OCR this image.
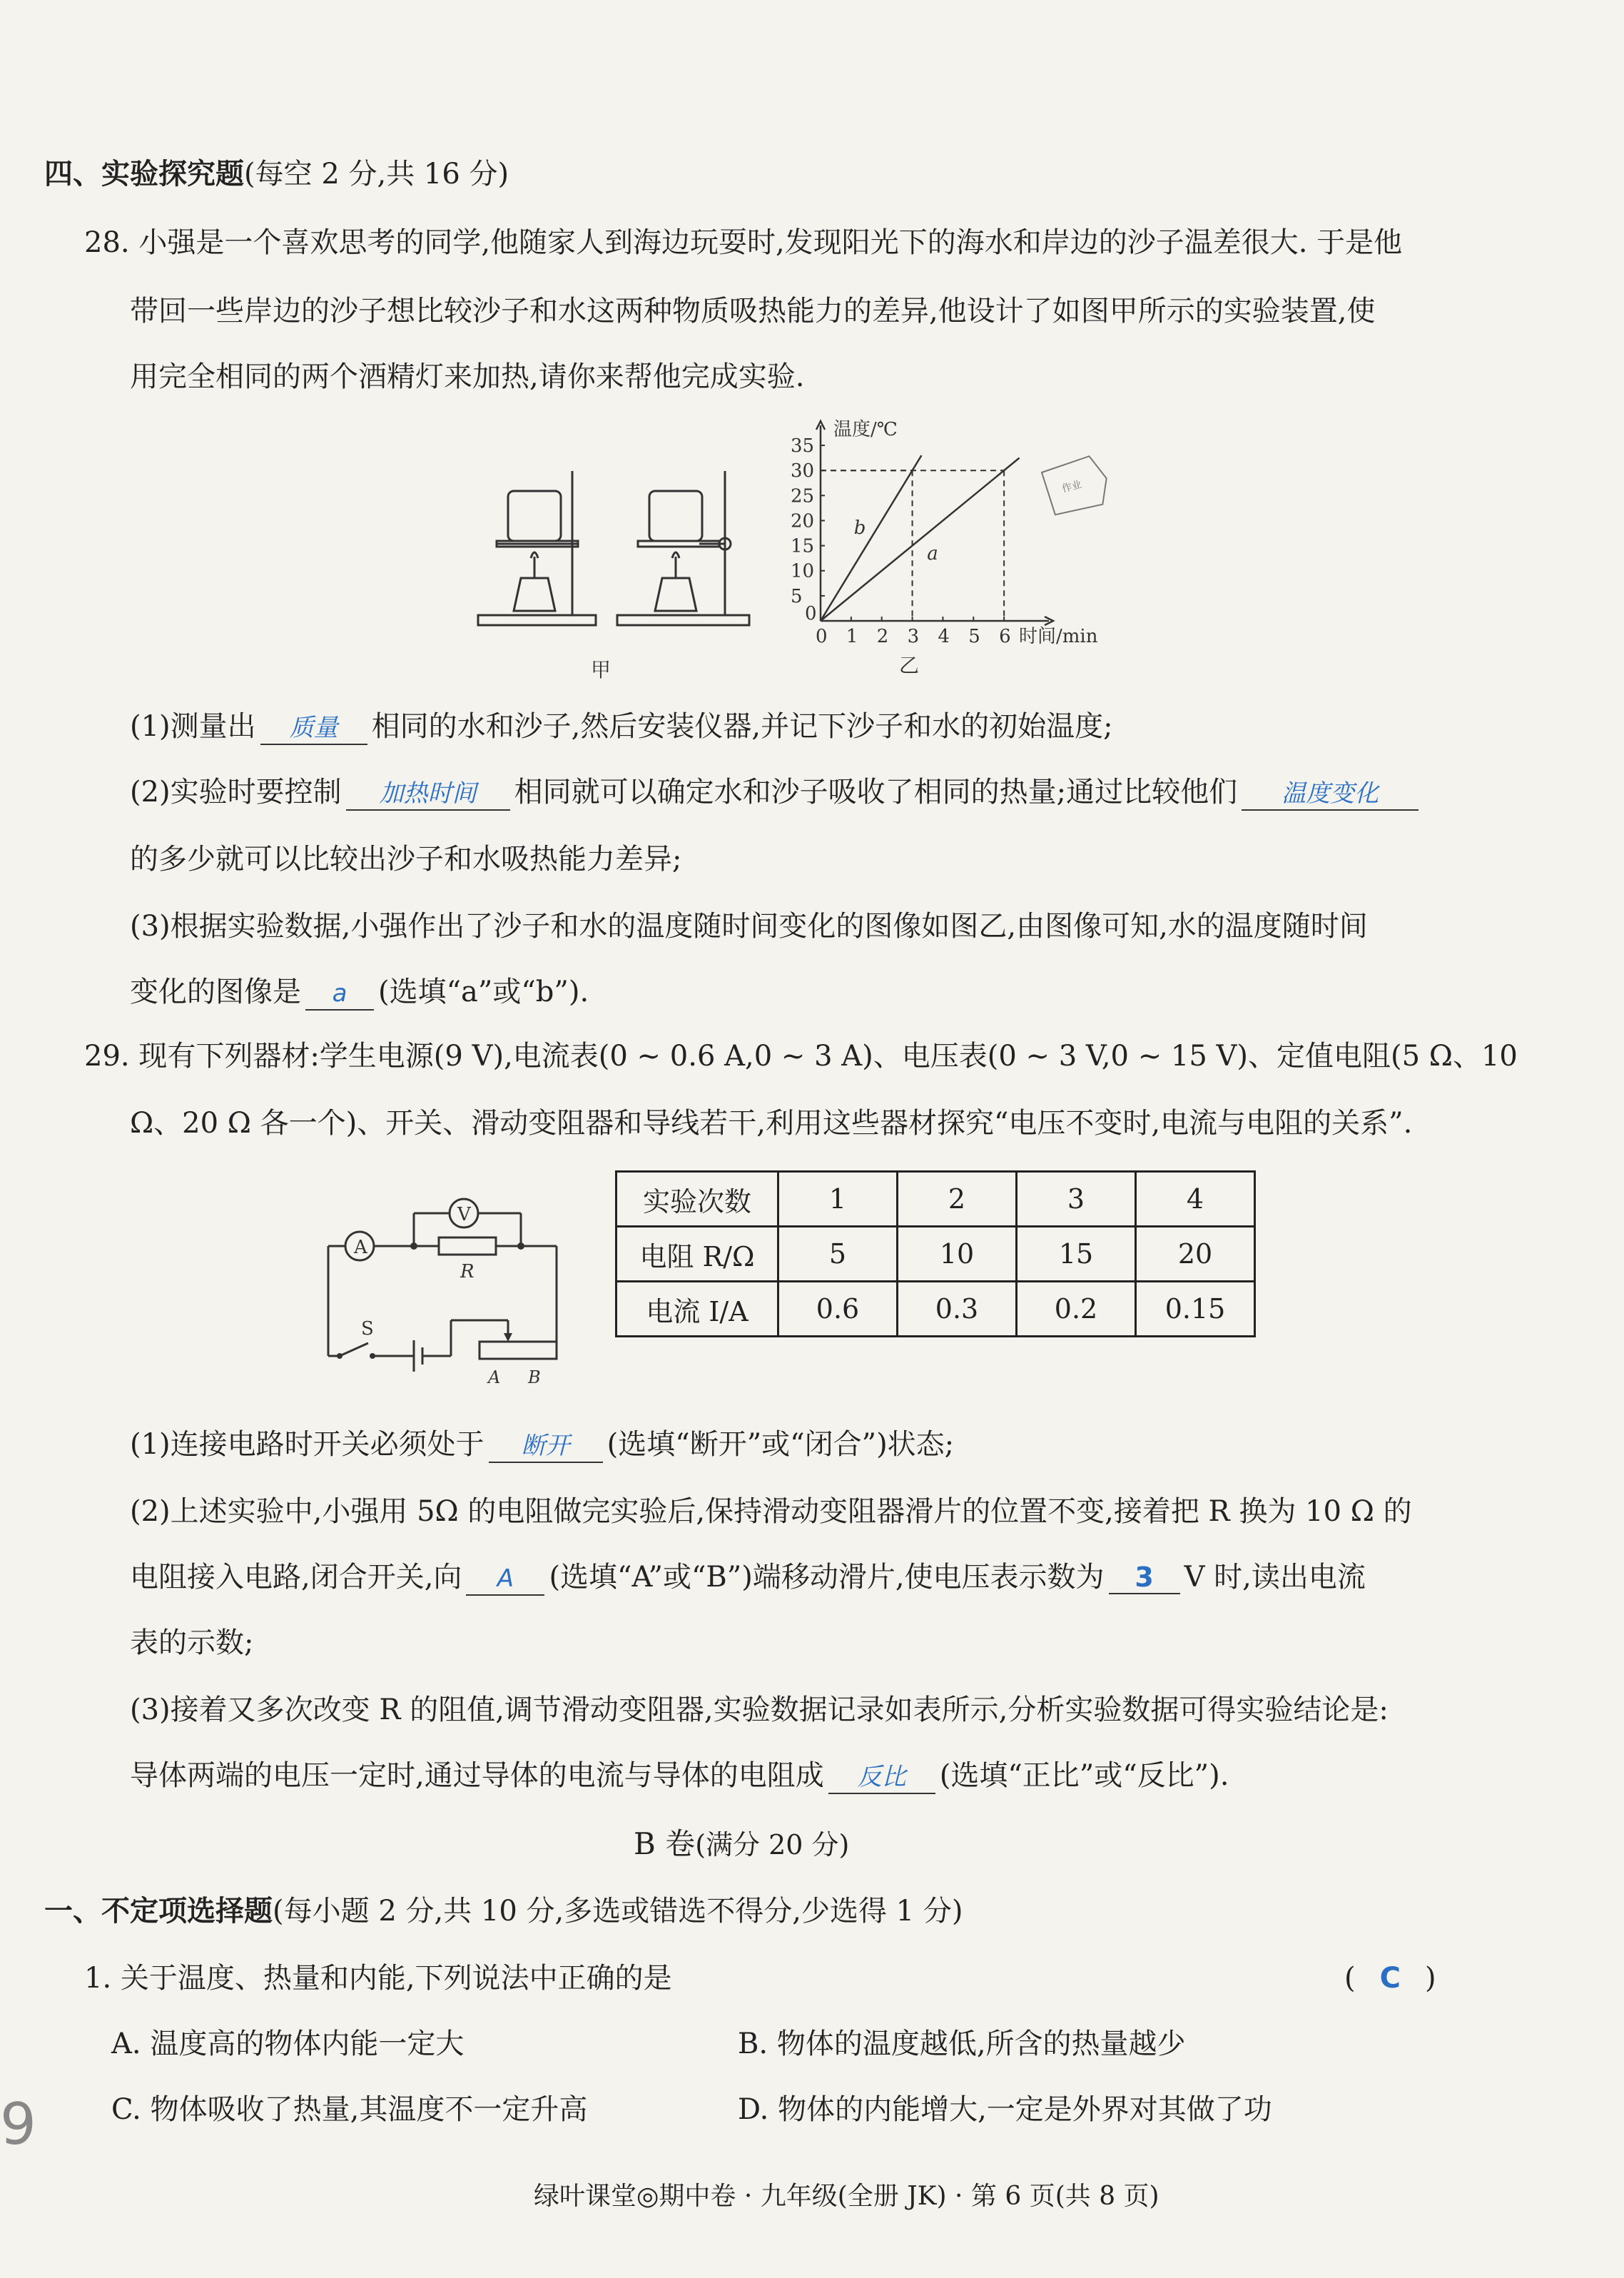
四、实验探究题(每空 2 分,共 16 分)
28. 小强是一个喜欢思考的同学,他随家人到海边玩耍时,发现阳光下的海水和岸边的沙子温差很大. 于是他
带回一些岸边的沙子想比较沙子和水这两种物质吸热能力的差异,他设计了如图甲所示的实验装置,使
用完全相同的两个酒精灯来加热,请你来帮他完成实验.
甲
0 1 2 3 4 5 6
5
10
15
20
25
30
35
0
b
a
温度/℃
时间/min
乙
作业
(1)测量出 质量 相同的水和沙子,然后安装仪器,并记下沙子和水的初始温度;
(2)实验时要控制 加热时间 相同就可以确定水和沙子吸收了相同的热量;通过比较他们 温度变化
的多少就可以比较出沙子和水吸热能力差异;
(3)根据实验数据,小强作出了沙子和水的温度随时间变化的图像如图乙,由图像可知,水的温度随时间
变化的图像是 a (选填“a”或“b”).
29. 现有下列器材:学生电源(9 V),电流表(0 ~ 0.6 A,0 ~ 3 A)、电压表(0 ~ 3 V,0 ~ 15 V)、定值电阻(5 Ω、10
Ω、20 Ω 各一个)、开关、滑动变阻器和导线若干,利用这些器材探究“电压不变时,电流与电阻的关系”.
A
V
R
S
A B
实验次数	1	2	3	4
电阻 R/Ω	5	10	15	20
电流 I/A	0.6	0.3	0.2	0.15
(1)连接电路时开关必须处于 断开 (选填“断开”或“闭合”)状态;
(2)上述实验中,小强用 5Ω 的电阻做完实验后,保持滑动变阻器滑片的位置不变,接着把 R 换为 10 Ω 的
电阻接入电路,闭合开关,向 A (选填“A”或“B”)端移动滑片,使电压表示数为 3 V 时,读出电流
表的示数;
(3)接着又多次改变 R 的阻值,调节滑动变阻器,实验数据记录如表所示,分析实验数据可得实验结论是:
导体两端的电压一定时,通过导体的电流与导体的电阻成 反比 (选填“正比”或“反比”).
B 卷(满分 20 分)
一、不定项选择题(每小题 2 分,共 10 分,多选或错选不得分,少选得 1 分)
1. 关于温度、热量和内能,下列说法中正确的是	( C )
A. 温度高的物体内能一定大	B. 物体的温度越低,所含的热量越少
C. 物体吸收了热量,其温度不一定升高	D. 物体的内能增大,一定是外界对其做了功
9
绿叶课堂◎期中卷 · 九年级(全册 JK) · 第 6 页(共 8 页)
